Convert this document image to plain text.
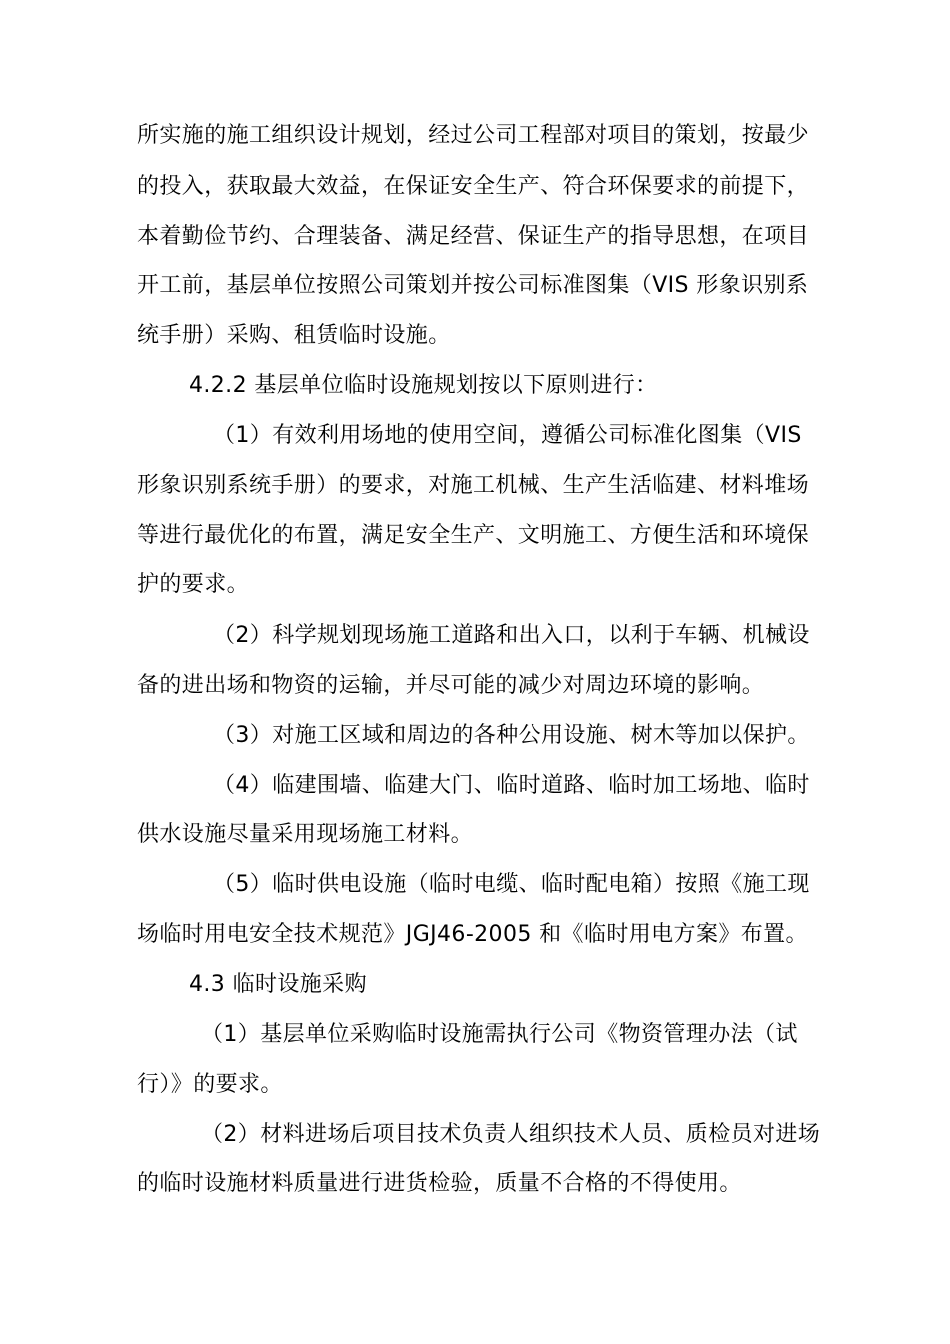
所实施的施工组织设计规划，经过公司工程部对项目的策划，按最少
的投入，获取最大效益，在保证安全生产、符合环保要求的前提下，
本着勤俭节约、合理装备、满足经营、保证生产的指导思想，在项目
开工前，基层单位按照公司策划并按公司标准图集（VIS 形象识别系
统手册）采购、租赁临时设施。
4.2.2 基层单位临时设施规划按以下原则进行：
（1）有效利用场地的使用空间，遵循公司标准化图集（VIS
形象识别系统手册）的要求，对施工机械、生产生活临建、材料堆场
等进行最优化的布置，满足安全生产、文明施工、方便生活和环境保
护的要求。
（2）科学规划现场施工道路和出入口，以利于车辆、机械设
备的进出场和物资的运输，并尽可能的减少对周边环境的影响。
（3）对施工区域和周边的各种公用设施、树木等加以保护。
（4）临建围墙、临建大门、临时道路、临时加工场地、临时
供水设施尽量采用现场施工材料。
（5）临时供电设施（临时电缆、临时配电箱）按照《施工现
场临时用电安全技术规范》JGJ46-2005 和《临时用电方案》布置。
4.3 临时设施采购
（1）基层单位采购临时设施需执行公司《物资管理办法（试
行）》的要求。
（2）材料进场后项目技术负责人组织技术人员、质检员对进场
的临时设施材料质量进行进货检验，质量不合格的不得使用。
